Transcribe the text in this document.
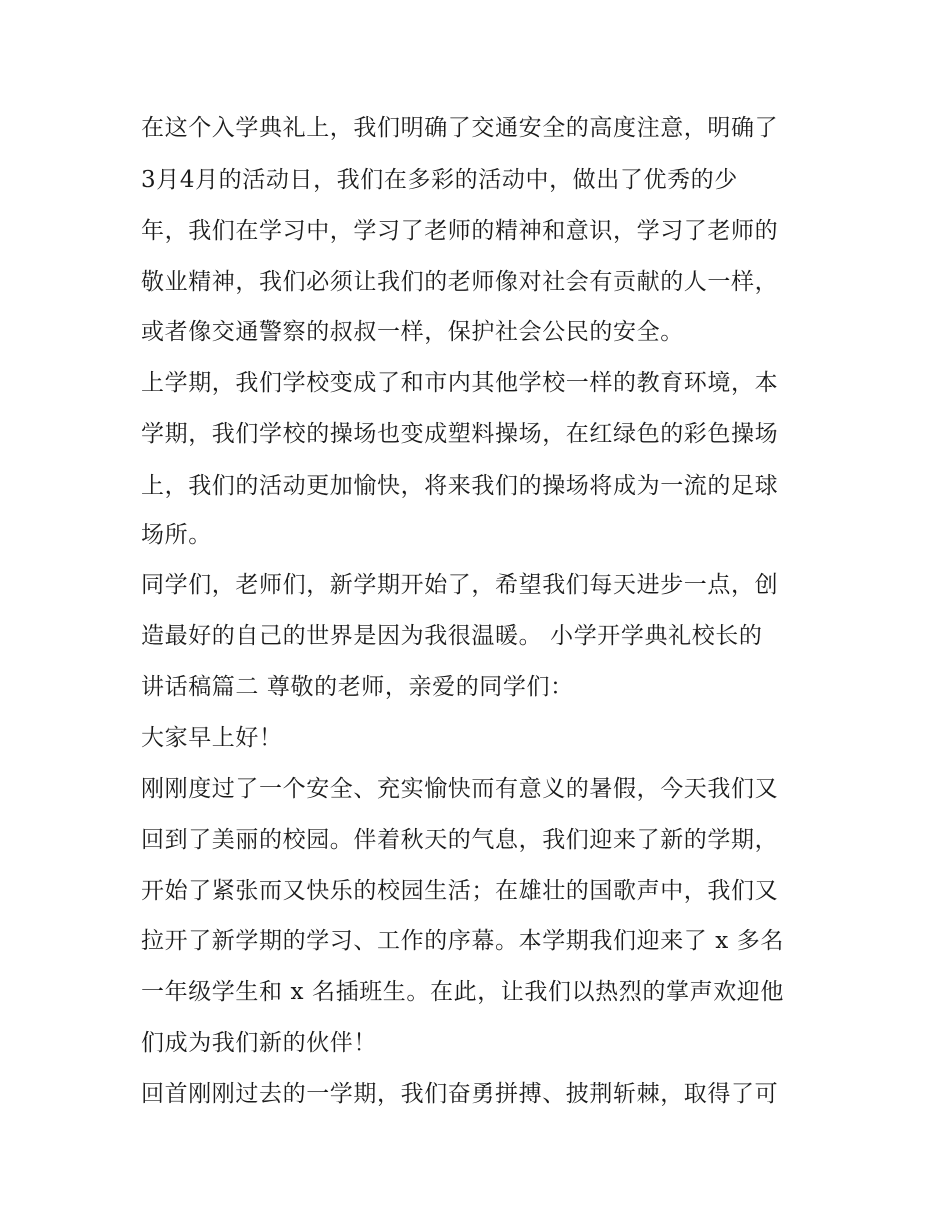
在这个入学典礼上，我们明确了交通安全的高度注意，明确了
3月4月的活动日，我们在多彩的活动中，做出了优秀的少
年，我们在学习中，学习了老师的精神和意识，学习了老师的
敬业精神，我们必须让我们的老师像对社会有贡献的人一样，
或者像交通警察的叔叔一样，保护社会公民的安全。
上学期，我们学校变成了和市内其他学校一样的教育环境，本
学期，我们学校的操场也变成塑料操场，在红绿色的彩色操场
上，我们的活动更加愉快，将来我们的操场将成为一流的足球
场所。
同学们，老师们，新学期开始了，希望我们每天进步一点，创
造最好的自己的世界是因为我很温暖。 小学开学典礼校长的
讲话稿篇二 尊敬的老师，亲爱的同学们：
大家早上好！
刚刚度过了一个安全、充实愉快而有意义的暑假，今天我们又
回到了美丽的校园。伴着秋天的气息，我们迎来了新的学期，
开始了紧张而又快乐的校园生活；在雄壮的国歌声中，我们又
拉开了新学期的学习、工作的序幕。本学期我们迎来了 x 多名
一年级学生和 x 名插班生。在此，让我们以热烈的掌声欢迎他
们成为我们新的伙伴！
回首刚刚过去的一学期，我们奋勇拼搏、披荆斩棘，取得了可
